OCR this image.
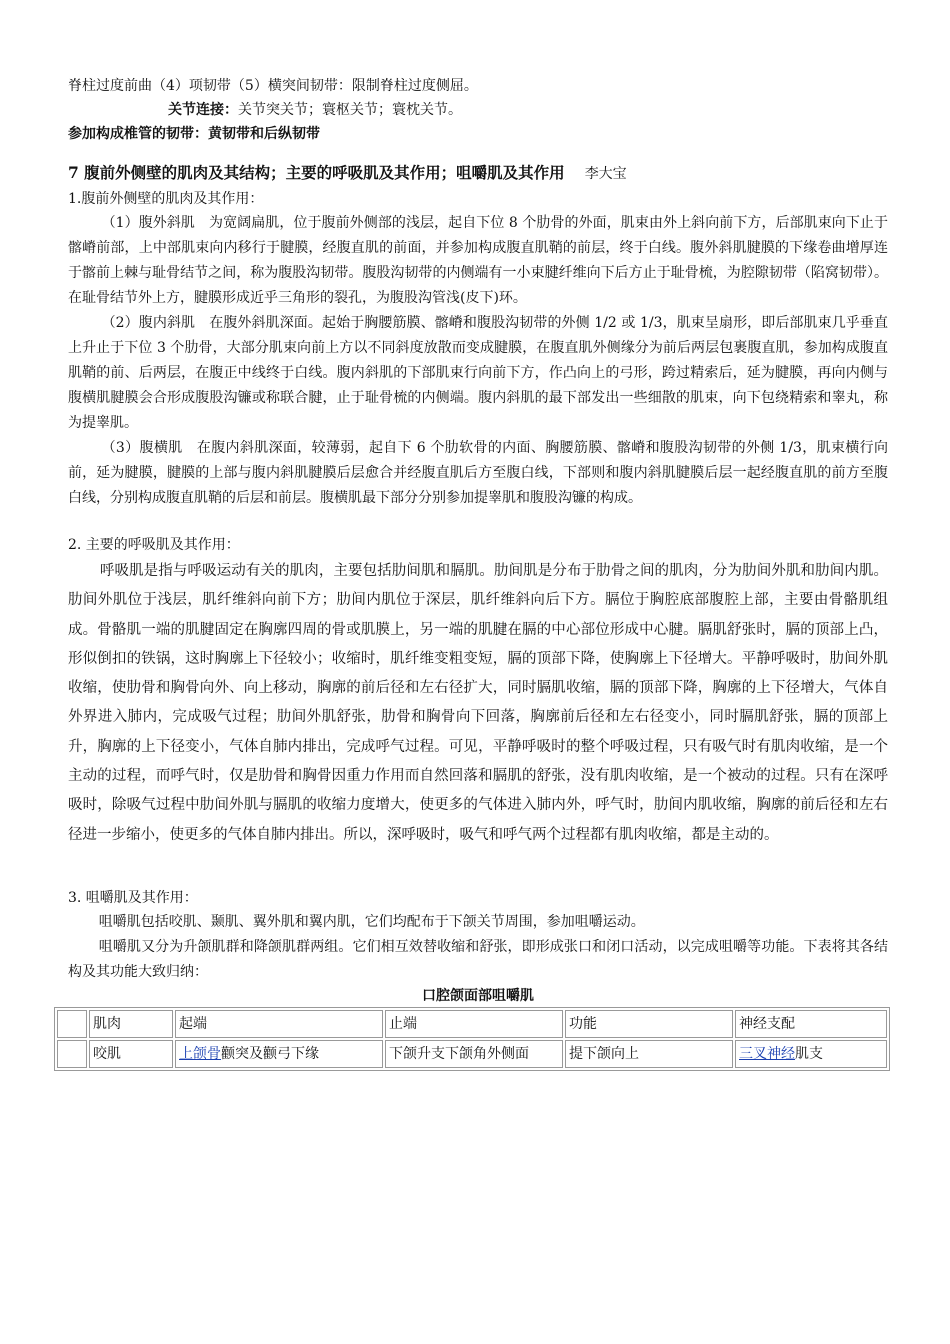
脊柱过度前曲（4）项韧带（5）横突间韧带：限制脊柱过度侧屈。

关节连接：关节突关节；寰枢关节；寰枕关节。

参加构成椎管的韧带：黄韧带和后纵韧带

7 腹前外侧壁的肌肉及其结构；主要的呼吸肌及其作用；咀嚼肌及其作用 李大宝

1.腹前外侧壁的肌肉及其作用：

（1）腹外斜肌　为宽阔扁肌，位于腹前外侧部的浅层，起自下位 8 个肋骨的外面，肌束由外上斜向前下方，后部肌束向下止于髂嵴前部，上中部肌束向内移行于腱膜，经腹直肌的前面，并参加构成腹直肌鞘的前层，终于白线。腹外斜肌腱膜的下缘卷曲增厚连于髂前上棘与耻骨结节之间，称为腹股沟韧带。腹股沟韧带的内侧端有一小束腱纤维向下后方止于耻骨梳，为腔隙韧带（陷窝韧带）。在耻骨结节外上方，腱膜形成近乎三角形的裂孔，为腹股沟管浅(皮下)环。

（2）腹内斜肌　在腹外斜肌深面。起始于胸腰筋膜、髂嵴和腹股沟韧带的外侧 1/2 或 1/3，肌束呈扇形，即后部肌束几乎垂直上升止于下位 3 个肋骨，大部分肌束向前上方以不同斜度放散而变成腱膜，在腹直肌外侧缘分为前后两层包裹腹直肌，参加构成腹直肌鞘的前、后两层，在腹正中线终于白线。腹内斜肌的下部肌束行向前下方，作凸向上的弓形，跨过精索后，延为腱膜，再向内侧与腹横肌腱膜会合形成腹股沟镰或称联合腱，止于耻骨梳的内侧端。腹内斜肌的最下部发出一些细散的肌束，向下包绕精索和睾丸，称为提睾肌。

（3）腹横肌　在腹内斜肌深面，较薄弱，起自下 6 个肋软骨的内面、胸腰筋膜、髂嵴和腹股沟韧带的外侧 1/3，肌束横行向前，延为腱膜，腱膜的上部与腹内斜肌腱膜后层愈合并经腹直肌后方至腹白线，下部则和腹内斜肌腱膜后层一起经腹直肌的前方至腹白线，分别构成腹直肌鞘的后层和前层。腹横肌最下部分分别参加提睾肌和腹股沟镰的构成。

2. 主要的呼吸肌及其作用：

呼吸肌是指与呼吸运动有关的肌肉，主要包括肋间肌和膈肌。肋间肌是分布于肋骨之间的肌肉，分为肋间外肌和肋间内肌。肋间外肌位于浅层，肌纤维斜向前下方；肋间内肌位于深层，肌纤维斜向后下方。膈位于胸腔底部腹腔上部，主要由骨骼肌组成。骨骼肌一端的肌腱固定在胸廓四周的骨或肌膜上，另一端的肌腱在膈的中心部位形成中心腱。膈肌舒张时，膈的顶部上凸，形似倒扣的铁锅，这时胸廓上下径较小；收缩时，肌纤维变粗变短，膈的顶部下降，使胸廓上下径增大。平静呼吸时，肋间外肌收缩，使肋骨和胸骨向外、向上移动，胸廓的前后径和左右径扩大，同时膈肌收缩，膈的顶部下降，胸廓的上下径增大，气体自外界进入肺内，完成吸气过程；肋间外肌舒张，肋骨和胸骨向下回落，胸廓前后径和左右径变小，同时膈肌舒张，膈的顶部上升，胸廓的上下径变小，气体自肺内排出，完成呼气过程。可见，平静呼吸时的整个呼吸过程，只有吸气时有肌肉收缩，是一个主动的过程，而呼气时，仅是肋骨和胸骨因重力作用而自然回落和膈肌的舒张，没有肌肉收缩，是一个被动的过程。只有在深呼吸时，除吸气过程中肋间外肌与膈肌的收缩力度增大，使更多的气体进入肺内外，呼气时，肋间内肌收缩，胸廓的前后径和左右径进一步缩小，使更多的气体自肺内排出。所以，深呼吸时，吸气和呼气两个过程都有肌肉收缩，都是主动的。

3. 咀嚼肌及其作用：

咀嚼肌包括咬肌、颞肌、翼外肌和翼内肌，它们均配布于下颌关节周围，参加咀嚼运动。

咀嚼肌又分为升颌肌群和降颌肌群两组。它们相互效替收缩和舒张，即形成张口和闭口活动，以完成咀嚼等功能。下表将其各结构及其功能大致归纳：

口腔颌面部咀嚼肌

	肌肉	起端	止端	功能	神经支配
	咬肌	上颌骨颧突及颧弓下缘	下颌升支下颌角外侧面	提下颌向上	三叉神经肌支
